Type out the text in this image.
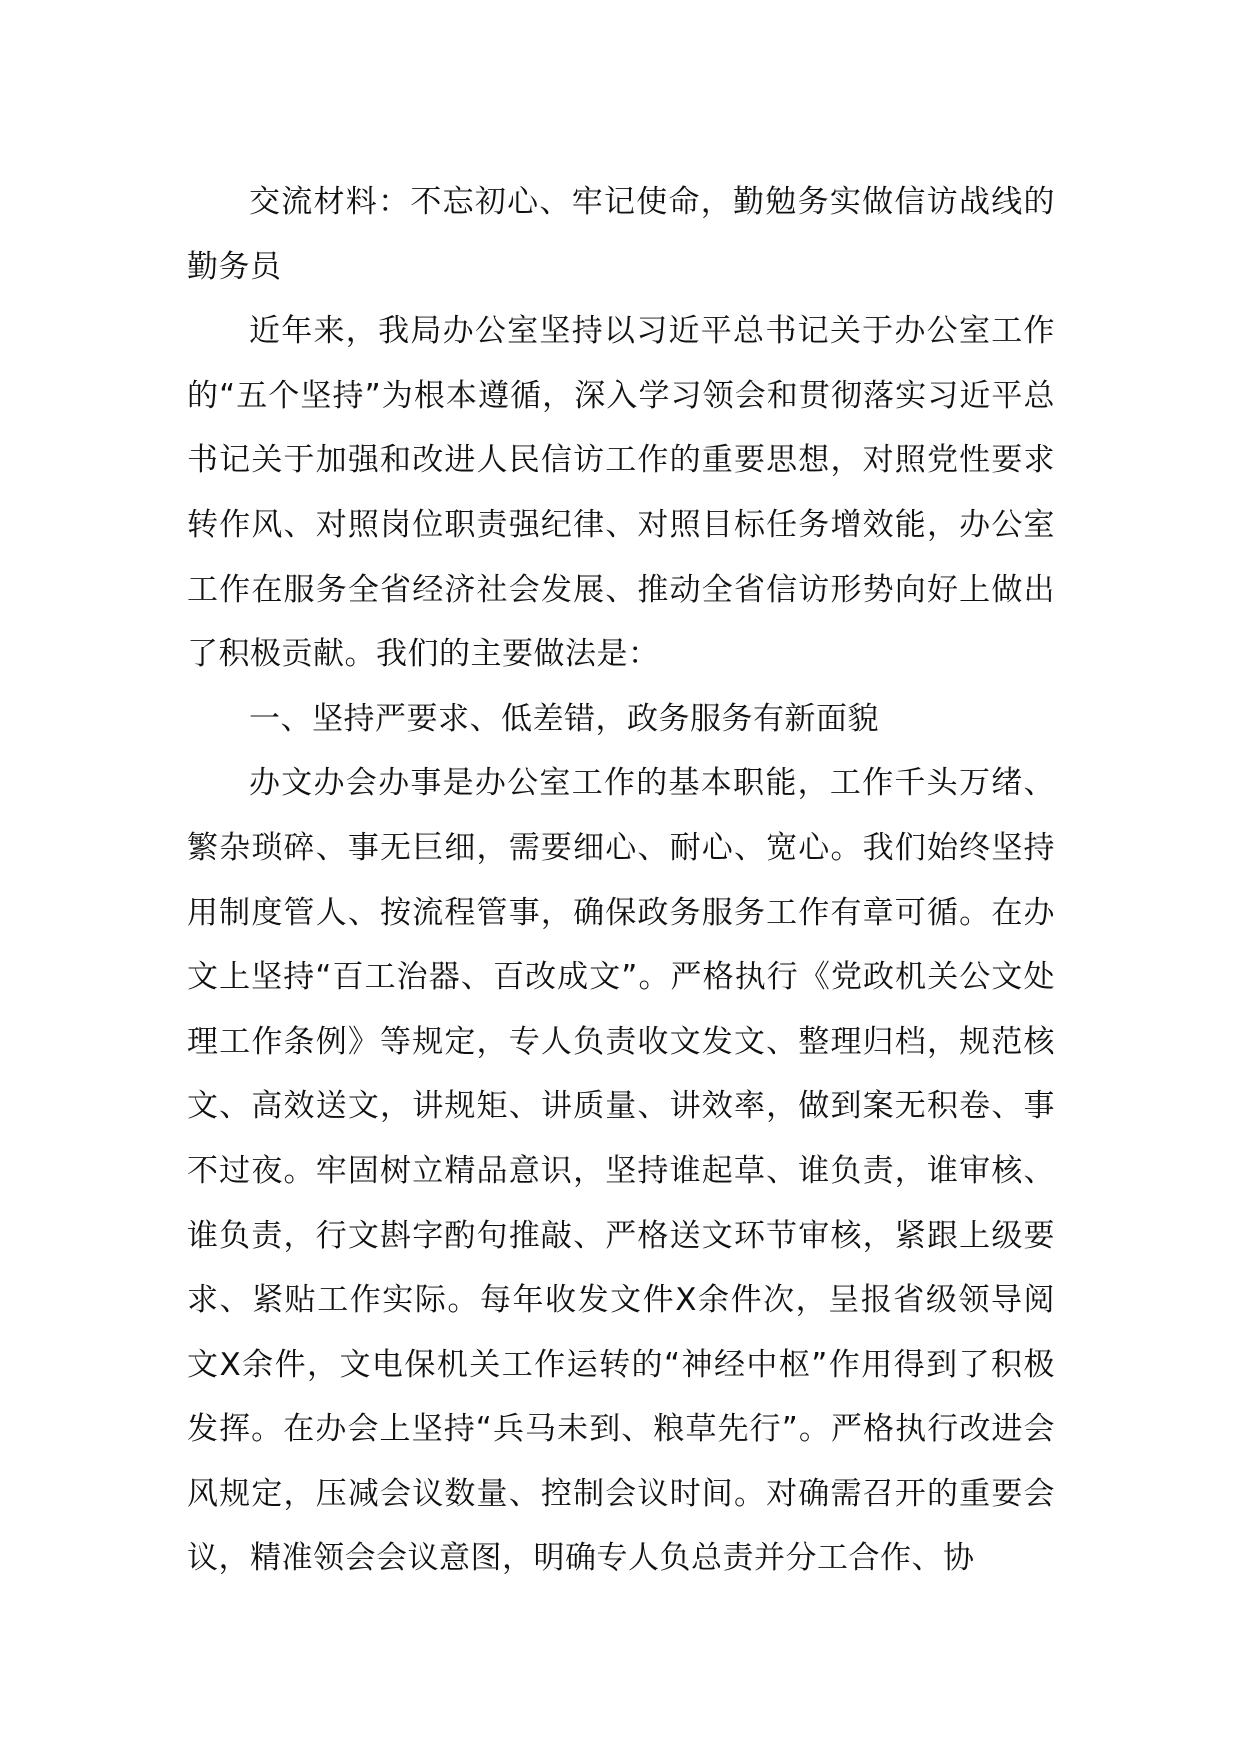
交流材料：不忘初心、牢记使命，勤勉务实做信访战线的勤务员

近年来，我局办公室坚持以习近平总书记关于办公室工作的“五个坚持”为根本遵循，深入学习领会和贯彻落实习近平总书记关于加强和改进人民信访工作的重要思想，对照党性要求转作风、对照岗位职责强纪律、对照目标任务增效能，办公室工作在服务全省经济社会发展、推动全省信访形势向好上做出了积极贡献。我们的主要做法是：

一、坚持严要求、低差错，政务服务有新面貌

办文办会办事是办公室工作的基本职能，工作千头万绪、繁杂琐碎、事无巨细，需要细心、耐心、宽心。我们始终坚持用制度管人、按流程管事，确保政务服务工作有章可循。在办文上坚持“百工治器、百改成文”。严格执行《党政机关公文处理工作条例》等规定，专人负责收文发文、整理归档，规范核文、高效送文，讲规矩、讲质量、讲效率，做到案无积卷、事不过夜。牢固树立精品意识，坚持谁起草、谁负责，谁审核、谁负责，行文斟字酌句推敲、严格送文环节审核，紧跟上级要求、紧贴工作实际。每年收发文件X余件次，呈报省级领导阅文X余件，文电保机关工作运转的“神经中枢”作用得到了积极发挥。在办会上坚持“兵马未到、粮草先行”。严格执行改进会风规定，压减会议数量、控制会议时间。对确需召开的重要会议，精准领会会议意图，明确专人负总责并分工合作、协
